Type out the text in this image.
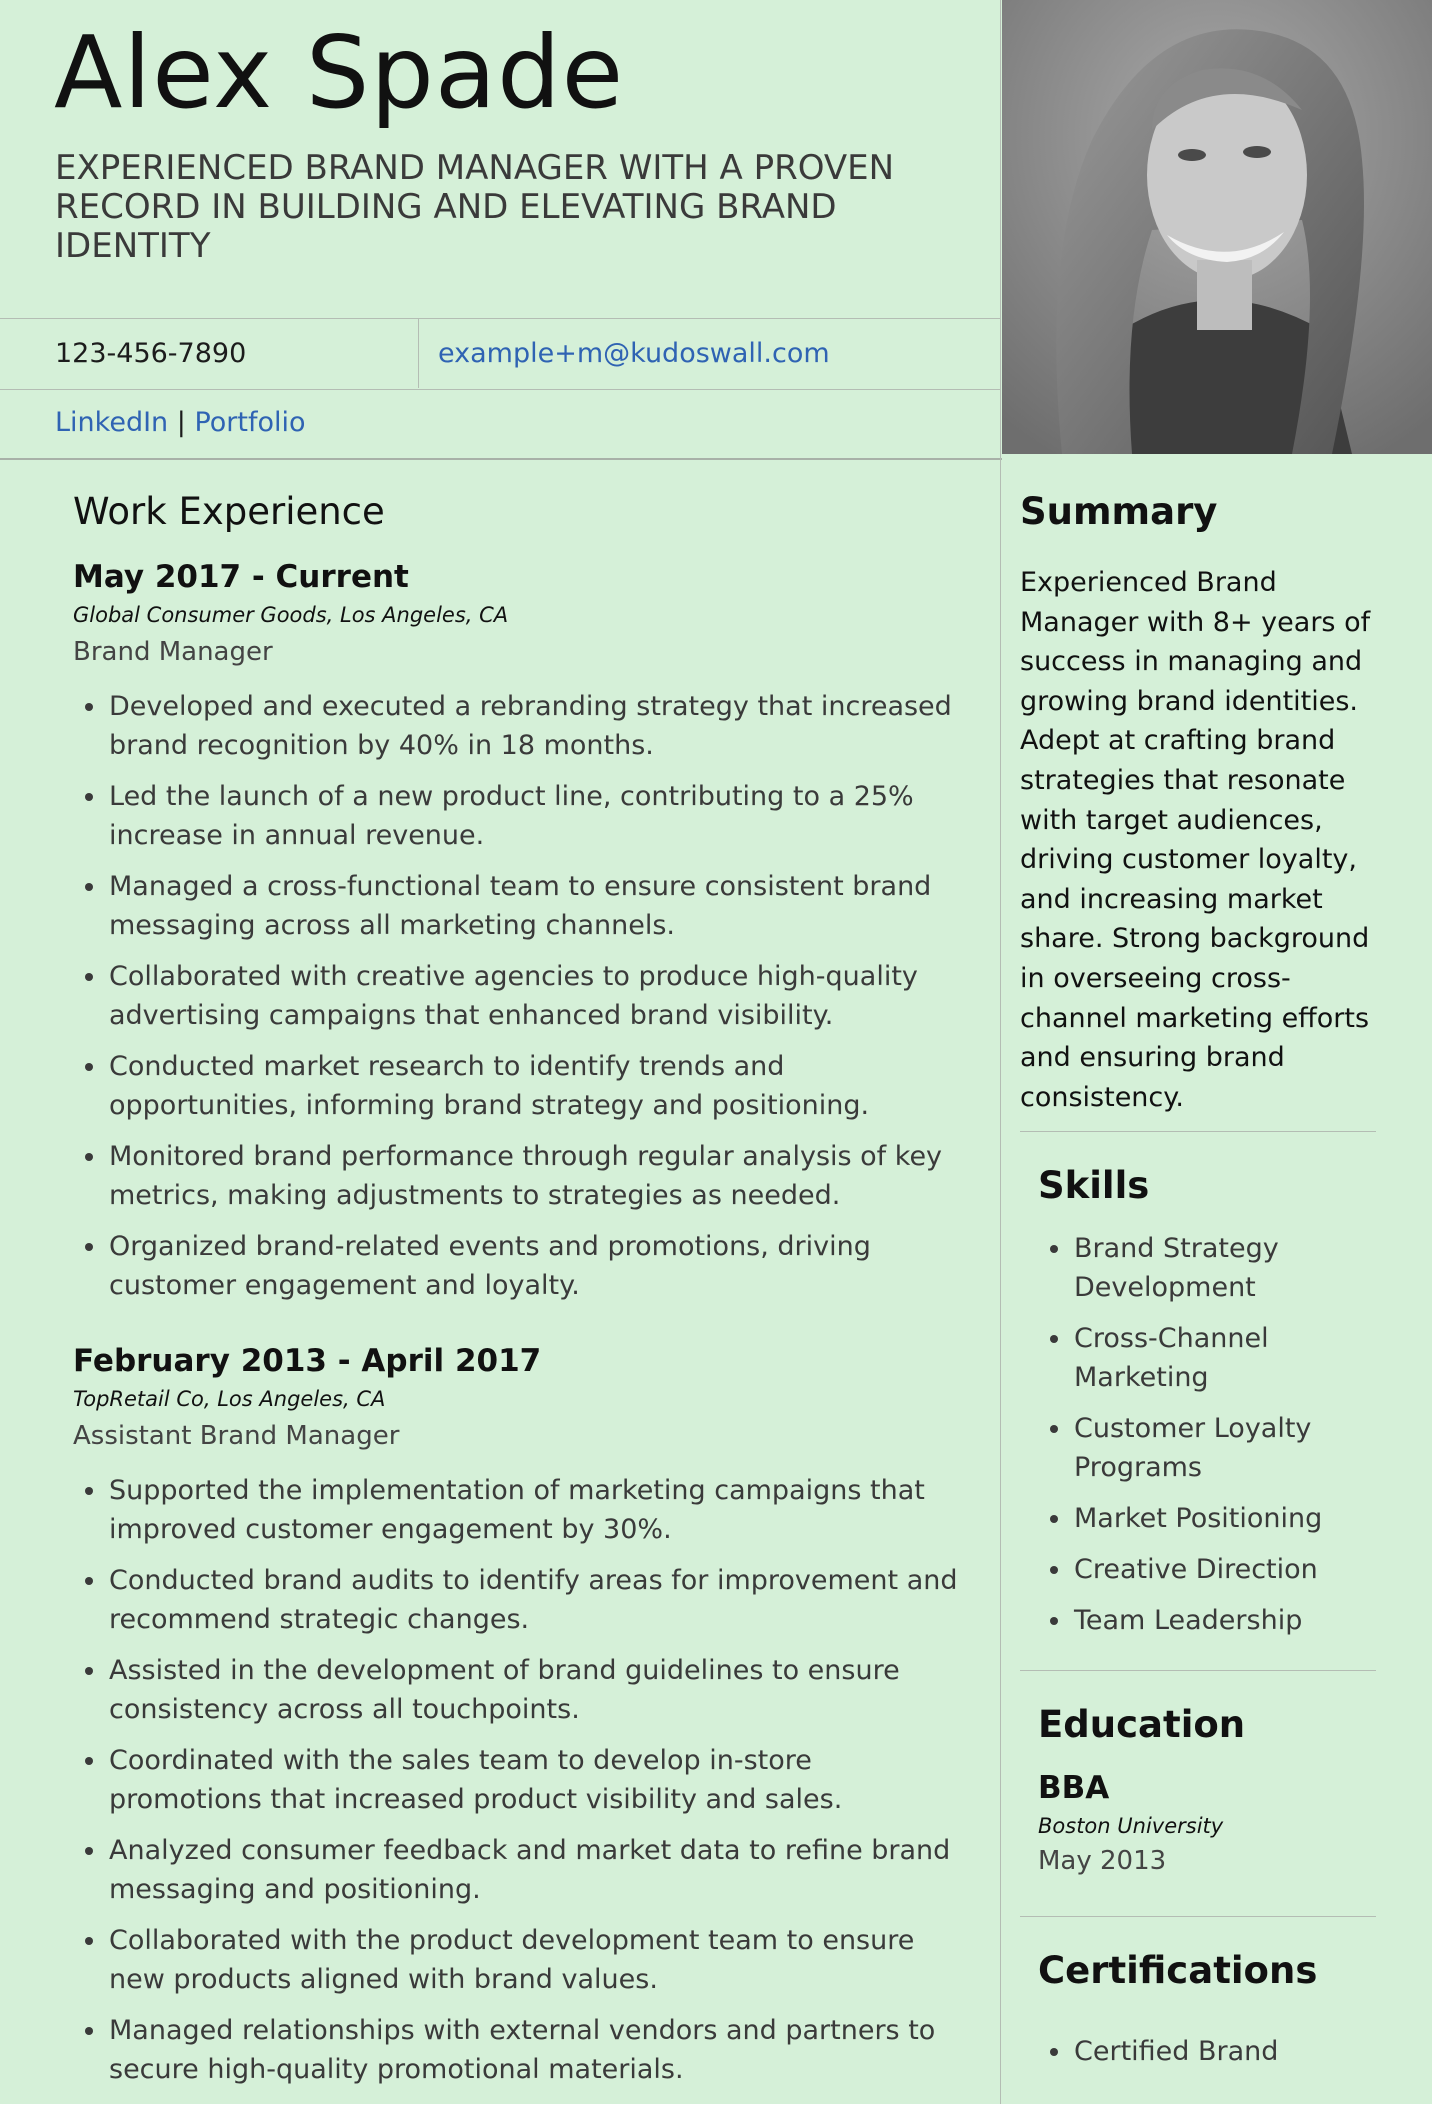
Alex Spade
EXPERIENCED BRAND MANAGER WITH A PROVEN RECORD IN BUILDING AND ELEVATING BRAND IDENTITY
123-456-7890	example+m@kudoswall.com
LinkedIn | Portfolio
Work Experience
May 2017 - Current
Global Consumer Goods, Los Angeles, CA
Brand Manager
Developed and executed a rebranding strategy that increased brand recognition by 40% in 18 months.
Led the launch of a new product line, contributing to a 25% increase in annual revenue.
Managed a cross-functional team to ensure consistent brand messaging across all marketing channels.
Collaborated with creative agencies to produce high-quality advertising campaigns that enhanced brand visibility.
Conducted market research to identify trends and opportunities, informing brand strategy and positioning.
Monitored brand performance through regular analysis of key metrics, making adjustments to strategies as needed.
Organized brand-related events and promotions, driving customer engagement and loyalty.
February 2013 - April 2017
TopRetail Co, Los Angeles, CA
Assistant Brand Manager
Supported the implementation of marketing campaigns that improved customer engagement by 30%.
Conducted brand audits to identify areas for improvement and recommend strategic changes.
Assisted in the development of brand guidelines to ensure consistency across all touchpoints.
Coordinated with the sales team to develop in-store promotions that increased product visibility and sales.
Analyzed consumer feedback and market data to refine brand messaging and positioning.
Collaborated with the product development team to ensure new products aligned with brand values.
Managed relationships with external vendors and partners to secure high-quality promotional materials.
Summary

Experienced Brand Manager with 8+ years of success in managing and growing brand identities. Adept at crafting brand strategies that resonate with target audiences, driving customer loyalty, and increasing market share. Strong background in overseeing cross-channel marketing efforts and ensuring brand consistency.

Skills
Brand Strategy Development
Cross-Channel Marketing
Customer Loyalty Programs
Market Positioning
Creative Direction
Team Leadership
Education
BBA
Boston University
May 2013
Certifications
Certified Brand
